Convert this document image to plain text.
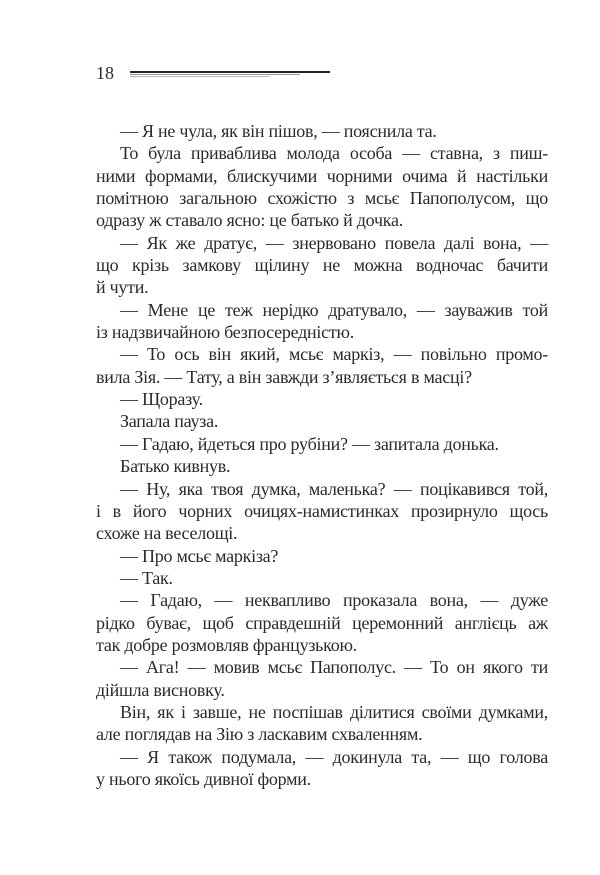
18
— Я не чула, як він пішов, — пояснила та.
То була приваблива молода особа — ставна, з пиш-
ними формами, блискучими чорними очима й настільки
помітною загальною схожістю з мсьє Папополусом, що
одразу ж ставало ясно: це батько й дочка.
— Як же дратує, — знервовано повела далі вона, —
що крізь замкову щілину не можна водночас бачити
й чути.
— Мене це теж нерідко дратувало, — зауважив той
із надзвичайною безпосередністю.
— То ось він який, мсьє маркіз, — повільно промо-
вила Зія. — Тату, а він завжди з’являється в масці?
— Щоразу.
Запала пауза.
— Гадаю, йдеться про рубіни? — запитала донька.
Батько кивнув.
— Ну, яка твоя думка, маленька? — поцікавився той,
і в його чорних очицях-намистинках прозирнуло щось
схоже на веселощі.
— Про мсьє маркіза?
— Так.
— Гадаю, — неквапливо проказала вона, — дуже
рідко буває, щоб справдешній церемонний англієць аж
так добре розмовляв французькою.
— Ага! — мовив мсьє Папополус. — То он якого ти
дійшла висновку.
Він, як і завше, не поспішав ділитися своїми думками,
але поглядав на Зію з ласкавим схваленням.
— Я також подумала, — докинула та, — що голова
у нього якоїсь дивної форми.
